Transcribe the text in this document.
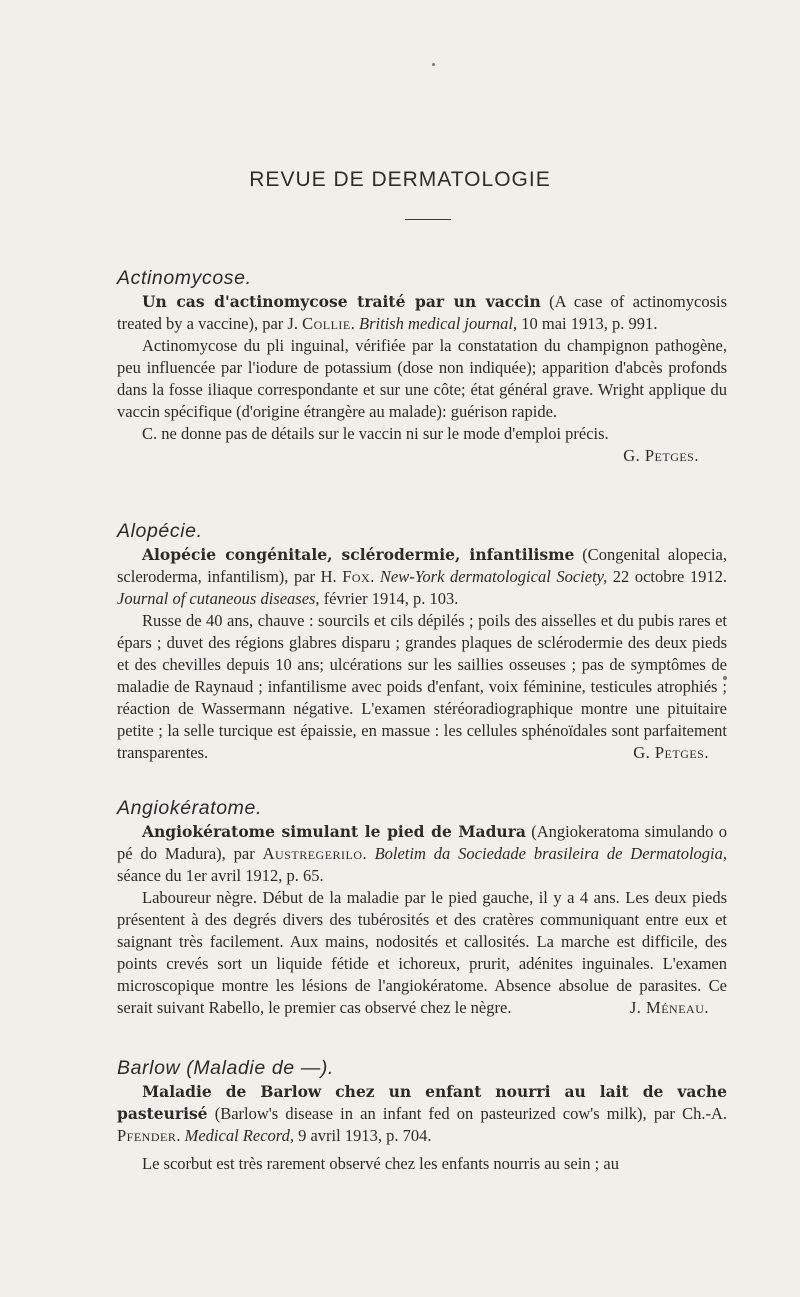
REVUE DE DERMATOLOGIE

Actinomycose.

Un cas d'actinomycose traité par un vaccin (A case of actinomycosis treated by a vaccine), par J. Collie. British medical journal, 10 mai 1913, p. 991.

Actinomycose du pli inguinal, vérifiée par la constatation du champignon pathogène, peu influencée par l'iodure de potassium (dose non indiquée); apparition d'abcès profonds dans la fosse iliaque correspondante et sur une côte; état général grave. Wright applique du vaccin spécifique (d'origine étrangère au malade): guérison rapide.

C. ne donne pas de détails sur le vaccin ni sur le mode d'emploi précis.

G. Petges.

Alopécie.

Alopécie congénitale, sclérodermie, infantilisme (Congenital alopecia, scleroderma, infantilism), par H. Fox. New-York dermatological Society, 22 octobre 1912. Journal of cutaneous diseases, février 1914, p. 103.

Russe de 40 ans, chauve : sourcils et cils dépilés ; poils des aisselles et du pubis rares et épars ; duvet des régions glabres disparu ; grandes plaques de sclérodermie des deux pieds et des chevilles depuis 10 ans; ulcérations sur les saillies osseuses ; pas de symptômes de maladie de Raynaud ; infantilisme avec poids d'enfant, voix féminine, testicules atrophiés ; réaction de Wassermann négative. L'examen stéréoradiographique montre une pituitaire petite ; la selle turcique est épaissie, en massue : les cellules sphénoïdales sont parfaitement transparentes.	G. Petges.

Angiokératome.

Angiokératome simulant le pied de Madura (Angiokeratoma simulando o pé do Madura), par Austregerilo. Boletim da Sociedade brasileira de Dermatologia, séance du 1er avril 1912, p. 65.

Laboureur nègre. Début de la maladie par le pied gauche, il y a 4 ans. Les deux pieds présentent à des degrés divers des tubérosités et des cratères communiquant entre eux et saignant très facilement. Aux mains, nodosités et callosités. La marche est difficile, des points crevés sort un liquide fétide et ichoreux, prurit, adénites inguinales. L'examen microscopique montre les lésions de l'angiokératome. Absence absolue de parasites. Ce serait suivant Rabello, le premier cas observé chez le nègre.	J. Méneau.

Barlow (Maladie de —).

Maladie de Barlow chez un enfant nourri au lait de vache pasteurisé (Barlow's disease in an infant fed on pasteurized cow's milk), par Ch.-A. Pfender. Medical Record, 9 avril 1913, p. 704.

Le scorbut est très rarement observé chez les enfants nourris au sein ; au
